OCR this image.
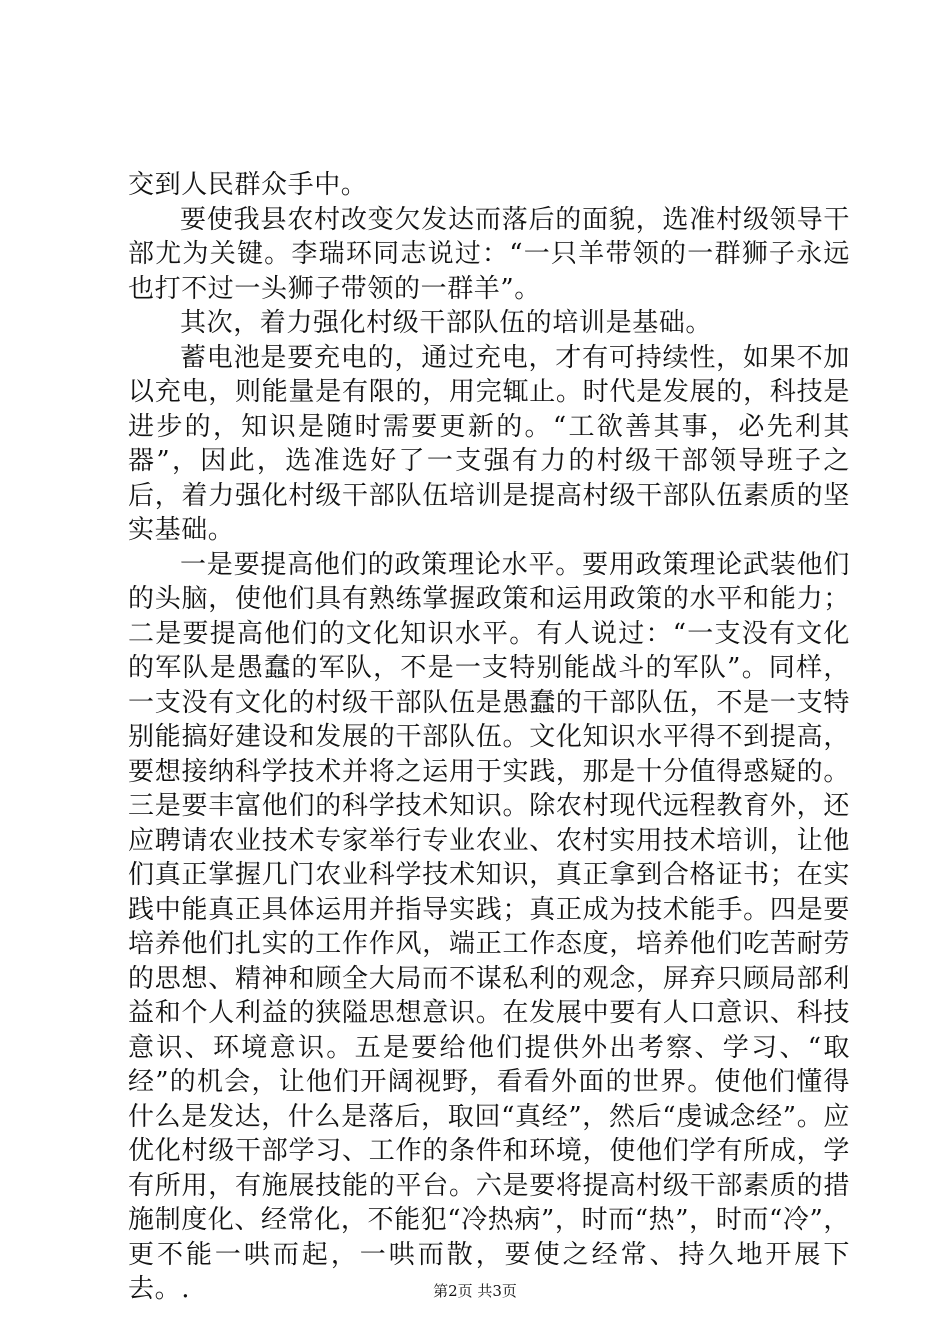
交到人民群众手中。

要使我县农村改变欠发达而落后的面貌，选准村级领导干部尤为关键。李瑞环同志说过：“一只羊带领的一群狮子永远也打不过一头狮子带领的一群羊”。

其次，着力强化村级干部队伍的培训是基础。

蓄电池是要充电的，通过充电，才有可持续性，如果不加以充电，则能量是有限的，用完辄止。时代是发展的，科技是进步的，知识是随时需要更新的。“工欲善其事，必先利其器”，因此，选准选好了一支强有力的村级干部领导班子之后，着力强化村级干部队伍培训是提高村级干部队伍素质的坚实基础。

一是要提高他们的政策理论水平。要用政策理论武装他们的头脑，使他们具有熟练掌握政策和运用政策的水平和能力；二是要提高他们的文化知识水平。有人说过：“一支没有文化的军队是愚蠢的军队，不是一支特别能战斗的军队”。同样，一支没有文化的村级干部队伍是愚蠢的干部队伍，不是一支特别能搞好建设和发展的干部队伍。文化知识水平得不到提高，要想接纳科学技术并将之运用于实践，那是十分值得惑疑的。三是要丰富他们的科学技术知识。除农村现代远程教育外，还应聘请农业技术专家举行专业农业、农村实用技术培训，让他们真正掌握几门农业科学技术知识，真正拿到合格证书；在实践中能真正具体运用并指导实践；真正成为技术能手。四是要培养他们扎实的工作作风，端正工作态度，培养他们吃苦耐劳的思想、精神和顾全大局而不谋私利的观念，屏弃只顾局部利益和个人利益的狭隘思想意识。在发展中要有人口意识、科技意识、环境意识。五是要给他们提供外出考察、学习、“取经”的机会，让他们开阔视野，看看外面的世界。使他们懂得什么是发达，什么是落后，取回“真经”，然后“虔诚念经”。应优化村级干部学习、工作的条件和环境，使他们学有所成，学有所用，有施展技能的平台。六是要将提高村级干部素质的措施制度化、经常化，不能犯“冷热病”，时而“热”，时而“冷”，更不能一哄而起，一哄而散，要使之经常、持久地开展下去。.	第2页 共3页
